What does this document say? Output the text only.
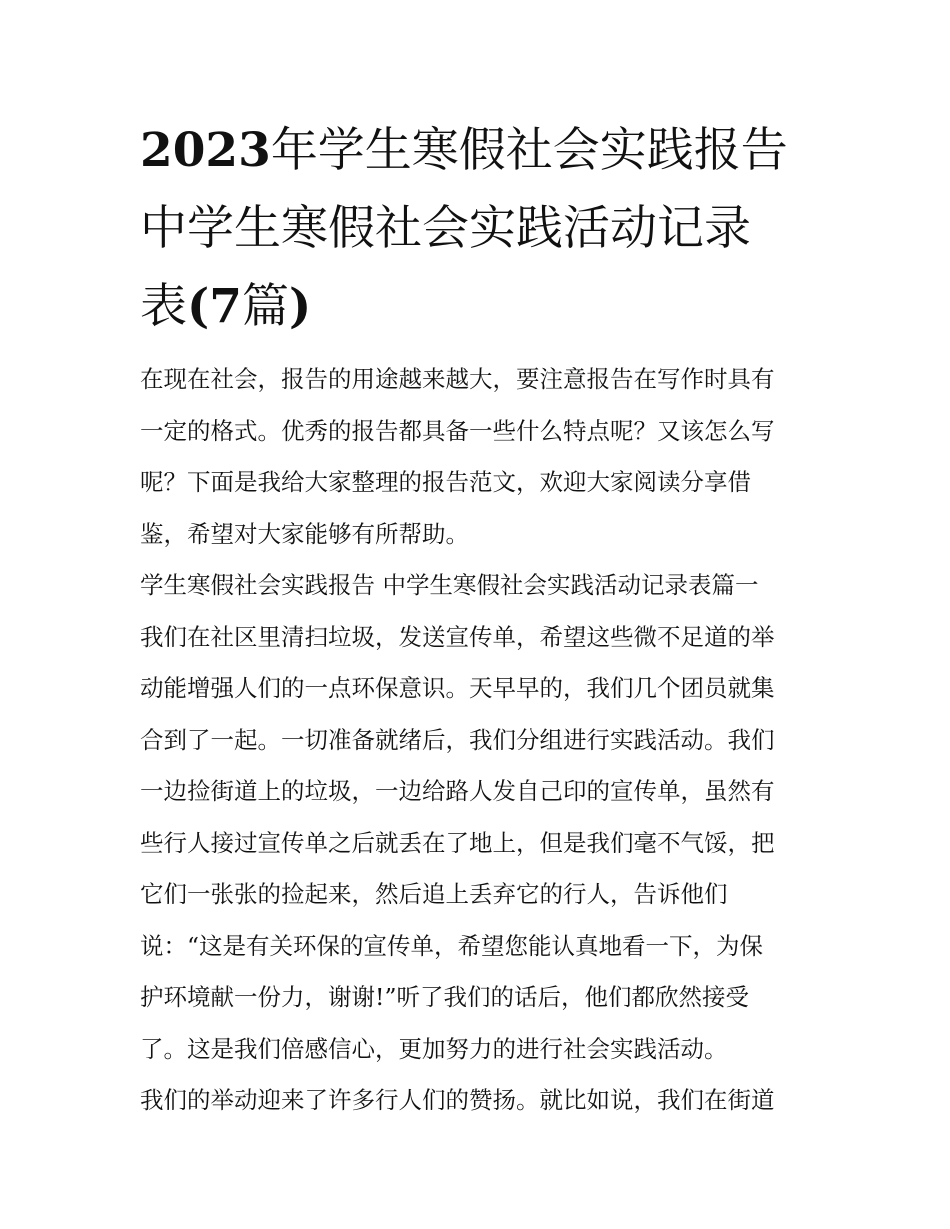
2023年学生寒假社会实践报告
中学生寒假社会实践活动记录
表(7篇)
在现在社会，报告的用途越来越大，要注意报告在写作时具有
一定的格式。优秀的报告都具备一些什么特点呢？又该怎么写
呢？下面是我给大家整理的报告范文，欢迎大家阅读分享借
鉴，希望对大家能够有所帮助。
学生寒假社会实践报告 中学生寒假社会实践活动记录表篇一
我们在社区里清扫垃圾，发送宣传单，希望这些微不足道的举
动能增强人们的一点环保意识。天早早的，我们几个团员就集
合到了一起。一切准备就绪后，我们分组进行实践活动。我们
一边捡街道上的垃圾，一边给路人发自己印的宣传单，虽然有
些行人接过宣传单之后就丢在了地上，但是我们毫不气馁，把
它们一张张的捡起来，然后追上丢弃它的行人，告诉他们
说：“这是有关环保的宣传单，希望您能认真地看一下，为保
护环境献一份力，谢谢!”听了我们的话后，他们都欣然接受
了。这是我们倍感信心，更加努力的进行社会实践活动。
我们的举动迎来了许多行人们的赞扬。就比如说，我们在街道
